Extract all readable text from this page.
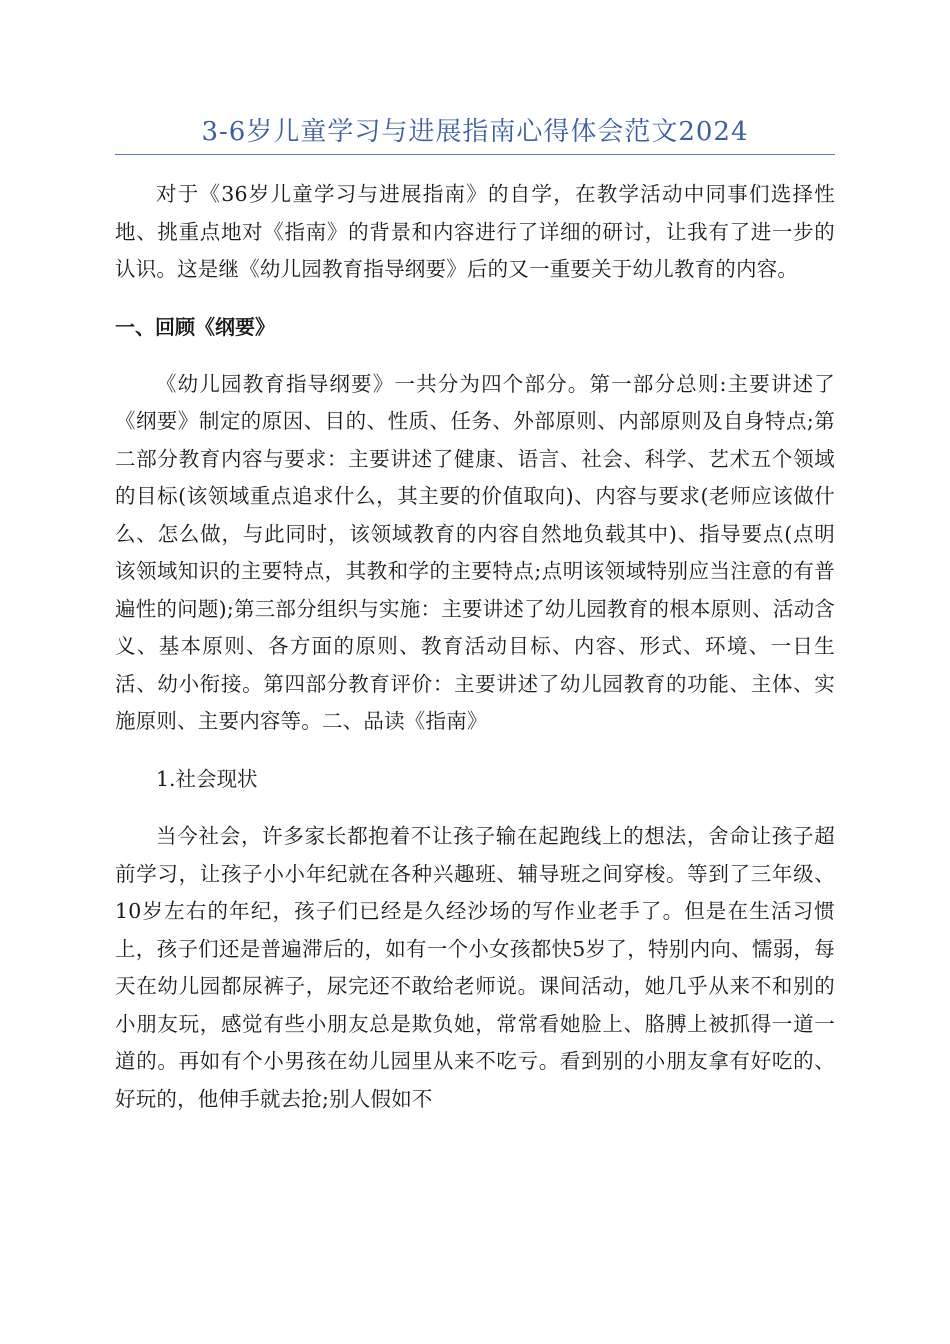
3-6岁儿童学习与进展指南心得体会范文2024

对于《36岁儿童学习与进展指南》的自学，在教学活动中同事们选择性地、挑重点地对《指南》的背景和内容进行了详细的研讨，让我有了进一步的认识。这是继《幼儿园教育指导纲要》后的又一重要关于幼儿教育的内容。

一、回顾《纲要》

《幼儿园教育指导纲要》一共分为四个部分。第一部分总则:主要讲述了《纲要》制定的原因、目的、性质、任务、外部原则、内部原则及自身特点;第二部分教育内容与要求：主要讲述了健康、语言、社会、科学、艺术五个领域的目标(该领域重点追求什么，其主要的价值取向)、内容与要求(老师应该做什么、怎么做，与此同时，该领域教育的内容自然地负载其中)、指导要点(点明该领域知识的主要特点，其教和学的主要特点;点明该领域特别应当注意的有普遍性的问题);第三部分组织与实施：主要讲述了幼儿园教育的根本原则、活动含义、基本原则、各方面的原则、教育活动目标、内容、形式、环境、一日生活、幼小衔接。第四部分教育评价：主要讲述了幼儿园教育的功能、主体、实施原则、主要内容等。二、品读《指南》

1.社会现状

当今社会，许多家长都抱着不让孩子输在起跑线上的想法，舍命让孩子超前学习，让孩子小小年纪就在各种兴趣班、辅导班之间穿梭。等到了三年级、10岁左右的年纪，孩子们已经是久经沙场的写作业老手了。但是在生活习惯上，孩子们还是普遍滞后的，如有一个小女孩都快5岁了，特别内向、懦弱，每天在幼儿园都尿裤子，尿完还不敢给老师说。课间活动，她几乎从来不和别的小朋友玩，感觉有些小朋友总是欺负她，常常看她脸上、胳膊上被抓得一道一道的。再如有个小男孩在幼儿园里从来不吃亏。看到别的小朋友拿有好吃的、好玩的，他伸手就去抢;别人假如不
